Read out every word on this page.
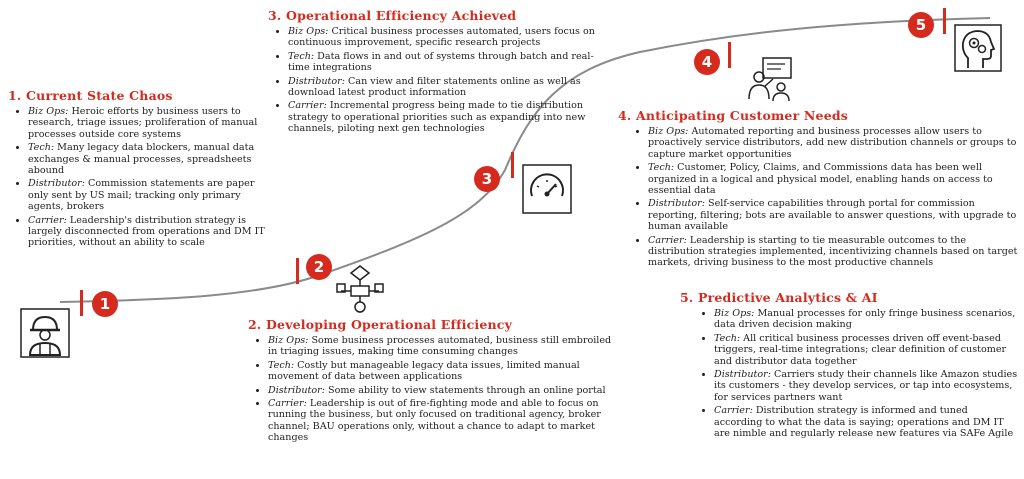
1. Current State Chaos
• Biz Ops: Heroic efforts by business users to research, triage issues; proliferation of manual processes outside core systems
• Tech: Many legacy data blockers, manual data exchanges & manual processes, spreadsheets abound
• Distributor: Commission statements are paper only sent by US mail; tracking only primary agents, brokers
• Carrier: Leadership's distribution strategy is largely disconnected from operations and DM IT priorities, without an ability to scale
2. Developing Operational Efficiency
• Biz Ops: Some business processes automated, business still embroiled in triaging issues, making time consuming changes
• Tech: Costly but manageable legacy data issues, limited manual movement of data between applications
• Distributor: Some ability to view statements through an online portal
• Carrier: Leadership is out of fire-fighting mode and able to focus on running the business, but only focused on traditional agency, broker channel; BAU operations only, without a chance to adapt to market changes
3. Operational Efficiency Achieved
• Biz Ops: Critical business processes automated, users focus on continuous improvement, specific research projects
• Tech: Data flows in and out of systems through batch and real-time integrations
• Distributor: Can view and filter statements online as well as download latest product information
• Carrier: Incremental progress being made to tie distribution strategy to operational priorities such as expanding into new channels, piloting next gen technologies
4. Anticipating Customer Needs
• Biz Ops: Automated reporting and business processes allow users to proactively service distributors, add new distribution channels or groups to capture market opportunities
• Tech: Customer, Policy, Claims, and Commissions data has been well organized in a logical and physical model, enabling hands on access to essential data
• Distributor: Self-service capabilities through portal for commission reporting, filtering; bots are available to answer questions, with upgrade to human available
• Carrier: Leadership is starting to tie measurable outcomes to the distribution strategies implemented, incentivizing channels based on target markets, driving business to the most productive channels
5. Predictive Analytics & AI
• Biz Ops: Manual processes for only fringe business scenarios, data driven decision making
• Tech: All critical business processes driven off event-based triggers, real-time integrations; clear definition of customer and distributor data together
• Distributor: Carriers study their channels like Amazon studies its customers - they develop services, or tap into ecosystems, for services partners want
• Carrier: Distribution strategy is informed and tuned according to what the data is saying; operations and DM IT are nimble and regularly release new features via SAFe Agile
1
2
3
4
5
